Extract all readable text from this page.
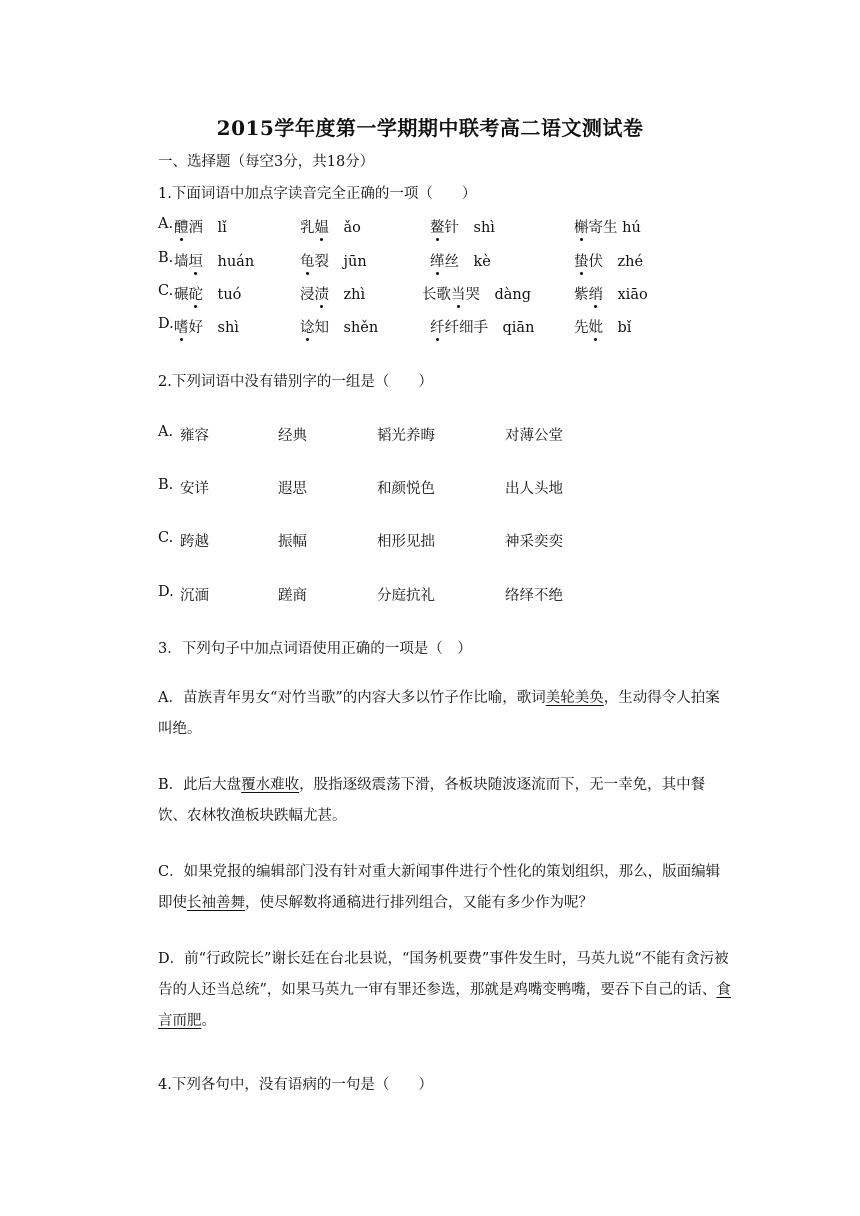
2015学年度第一学期期中联考高二语文测试卷
一、选择题（每空3分，共18分）
1.下面词语中加点字读音完全正确的一项（　　）
A. 醴酒　lǐ	乳媪　ǎo	鳌针　shì	槲寄生 hú
B. 墙垣　huán	龟裂　jūn	缂丝　kè	蛰伏　zhé
C. 碾砣　tuó	浸渍　zhì	长歌当哭　dàng	紫绡　xiāo
D. 嗜好　shì	谂知　shěn	纤纤细手　qiān	先妣　bǐ
2.下列词语中没有错别字的一组是（　　）
A. 雍容	经典	韬光养晦	对薄公堂
B. 安详	遐思	和颜悦色	出人头地
C. 跨越	振幅	相形见拙	神采奕奕
D. 沉湎	蹉商	分庭抗礼	络绎不绝
3．下列句子中加点词语使用正确的一项是（　）
A．苗族青年男女“对竹当歌”的内容大多以竹子作比喻，歌词美轮美奂，生动得令人拍案叫绝。
B．此后大盘覆水难收，股指逐级震荡下滑，各板块随波逐流而下，无一幸免，其中餐饮、农林牧渔板块跌幅尤甚。
C．如果党报的编辑部门没有针对重大新闻事件进行个性化的策划组织，那么，版面编辑即使长袖善舞，使尽解数将通稿进行排列组合，又能有多少作为呢？
D．前“行政院长”谢长廷在台北县说，“国务机要费”事件发生时，马英九说“不能有贪污被告的人还当总统”，如果马英九一审有罪还参选，那就是鸡嘴变鸭嘴，要吞下自己的话、食言而肥。
4.下列各句中，没有语病的一句是（　　）
